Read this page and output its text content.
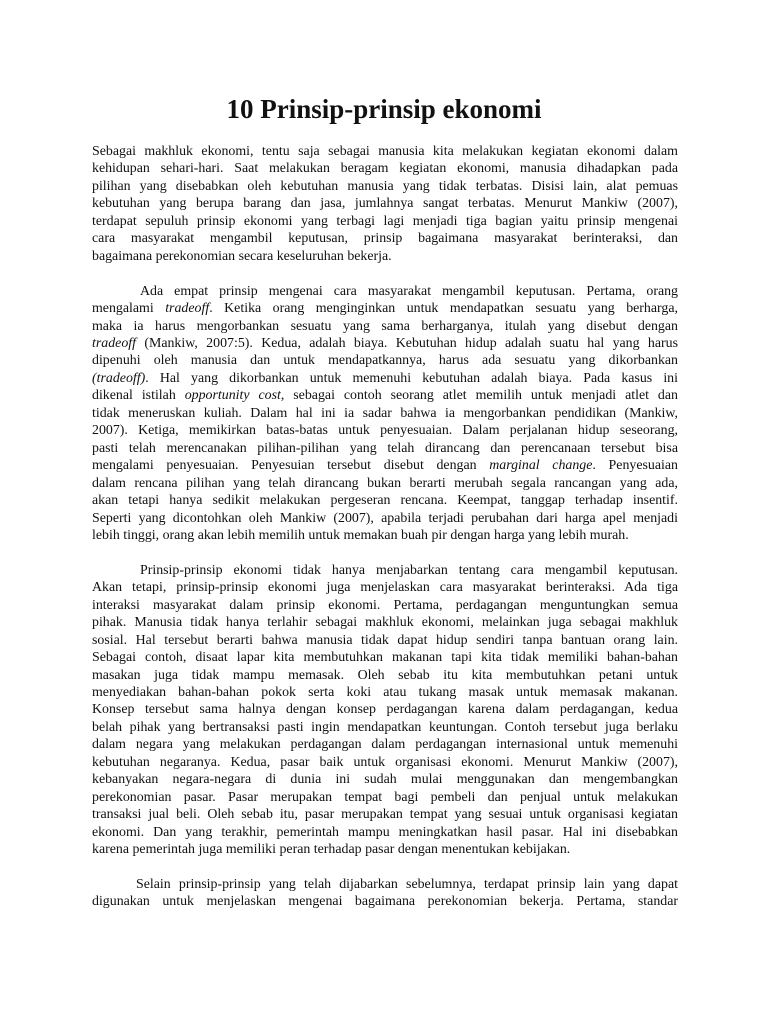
10 Prinsip-prinsip ekonomi
Sebagai makhluk ekonomi, tentu saja sebagai manusia kita melakukan kegiatan ekonomi dalam
kehidupan sehari-hari. Saat melakukan beragam kegiatan ekonomi, manusia dihadapkan pada
pilihan yang disebabkan oleh kebutuhan manusia yang tidak terbatas. Disisi lain, alat pemuas
kebutuhan yang berupa barang dan jasa, jumlahnya sangat terbatas. Menurut Mankiw (2007),
terdapat sepuluh prinsip ekonomi yang terbagi lagi menjadi tiga bagian yaitu prinsip mengenai
cara masyarakat mengambil keputusan, prinsip bagaimana masyarakat berinteraksi, dan
bagaimana perekonomian secara keseluruhan bekerja.
Ada empat prinsip mengenai cara masyarakat mengambil keputusan. Pertama, orang
mengalami tradeoff. Ketika orang menginginkan untuk mendapatkan sesuatu yang berharga,
maka ia harus mengorbankan sesuatu yang sama berharganya, itulah yang disebut dengan
tradeoff (Mankiw, 2007:5). Kedua, adalah biaya. Kebutuhan hidup adalah suatu hal yang harus
dipenuhi oleh manusia dan untuk mendapatkannya, harus ada sesuatu yang dikorbankan
(tradeoff). Hal yang dikorbankan untuk memenuhi kebutuhan adalah biaya. Pada kasus ini
dikenal istilah opportunity cost, sebagai contoh seorang atlet memilih untuk menjadi atlet dan
tidak meneruskan kuliah. Dalam hal ini ia sadar bahwa ia mengorbankan pendidikan (Mankiw,
2007). Ketiga, memikirkan batas-batas untuk penyesuaian. Dalam perjalanan hidup seseorang,
pasti telah merencanakan pilihan-pilihan yang telah dirancang dan perencanaan tersebut bisa
mengalami penyesuaian. Penyesuian tersebut disebut dengan marginal change. Penyesuaian
dalam rencana pilihan yang telah dirancang bukan berarti merubah segala rancangan yang ada,
akan tetapi hanya sedikit melakukan pergeseran rencana. Keempat, tanggap terhadap insentif.
Seperti yang dicontohkan oleh Mankiw (2007), apabila terjadi perubahan dari harga apel menjadi
lebih tinggi, orang akan lebih memilih untuk memakan buah pir dengan harga yang lebih murah.
Prinsip-prinsip ekonomi tidak hanya menjabarkan tentang cara mengambil keputusan.
Akan tetapi, prinsip-prinsip ekonomi juga menjelaskan cara masyarakat berinteraksi. Ada tiga
interaksi masyarakat dalam prinsip ekonomi. Pertama, perdagangan menguntungkan semua
pihak. Manusia tidak hanya terlahir sebagai makhluk ekonomi, melainkan juga sebagai makhluk
sosial. Hal tersebut berarti bahwa manusia tidak dapat hidup sendiri tanpa bantuan orang lain.
Sebagai contoh, disaat lapar kita membutuhkan makanan tapi kita tidak memiliki bahan-bahan
masakan juga tidak mampu memasak. Oleh sebab itu kita membutuhkan petani untuk
menyediakan bahan-bahan pokok serta koki atau tukang masak untuk memasak makanan.
Konsep tersebut sama halnya dengan konsep perdagangan karena dalam perdagangan, kedua
belah pihak yang bertransaksi pasti ingin mendapatkan keuntungan. Contoh tersebut juga berlaku
dalam negara yang melakukan perdagangan dalam perdagangan internasional untuk memenuhi
kebutuhan negaranya. Kedua, pasar baik untuk organisasi ekonomi. Menurut Mankiw (2007),
kebanyakan negara-negara di dunia ini sudah mulai menggunakan dan mengembangkan
perekonomian pasar. Pasar merupakan tempat bagi pembeli dan penjual untuk melakukan
transaksi jual beli. Oleh sebab itu, pasar merupakan tempat yang sesuai untuk organisasi kegiatan
ekonomi. Dan yang terakhir, pemerintah mampu meningkatkan hasil pasar. Hal ini disebabkan
karena pemerintah juga memiliki peran terhadap pasar dengan menentukan kebijakan.
Selain prinsip-prinsip yang telah dijabarkan sebelumnya, terdapat prinsip lain yang dapat
digunakan untuk menjelaskan mengenai bagaimana perekonomian bekerja. Pertama, standar
